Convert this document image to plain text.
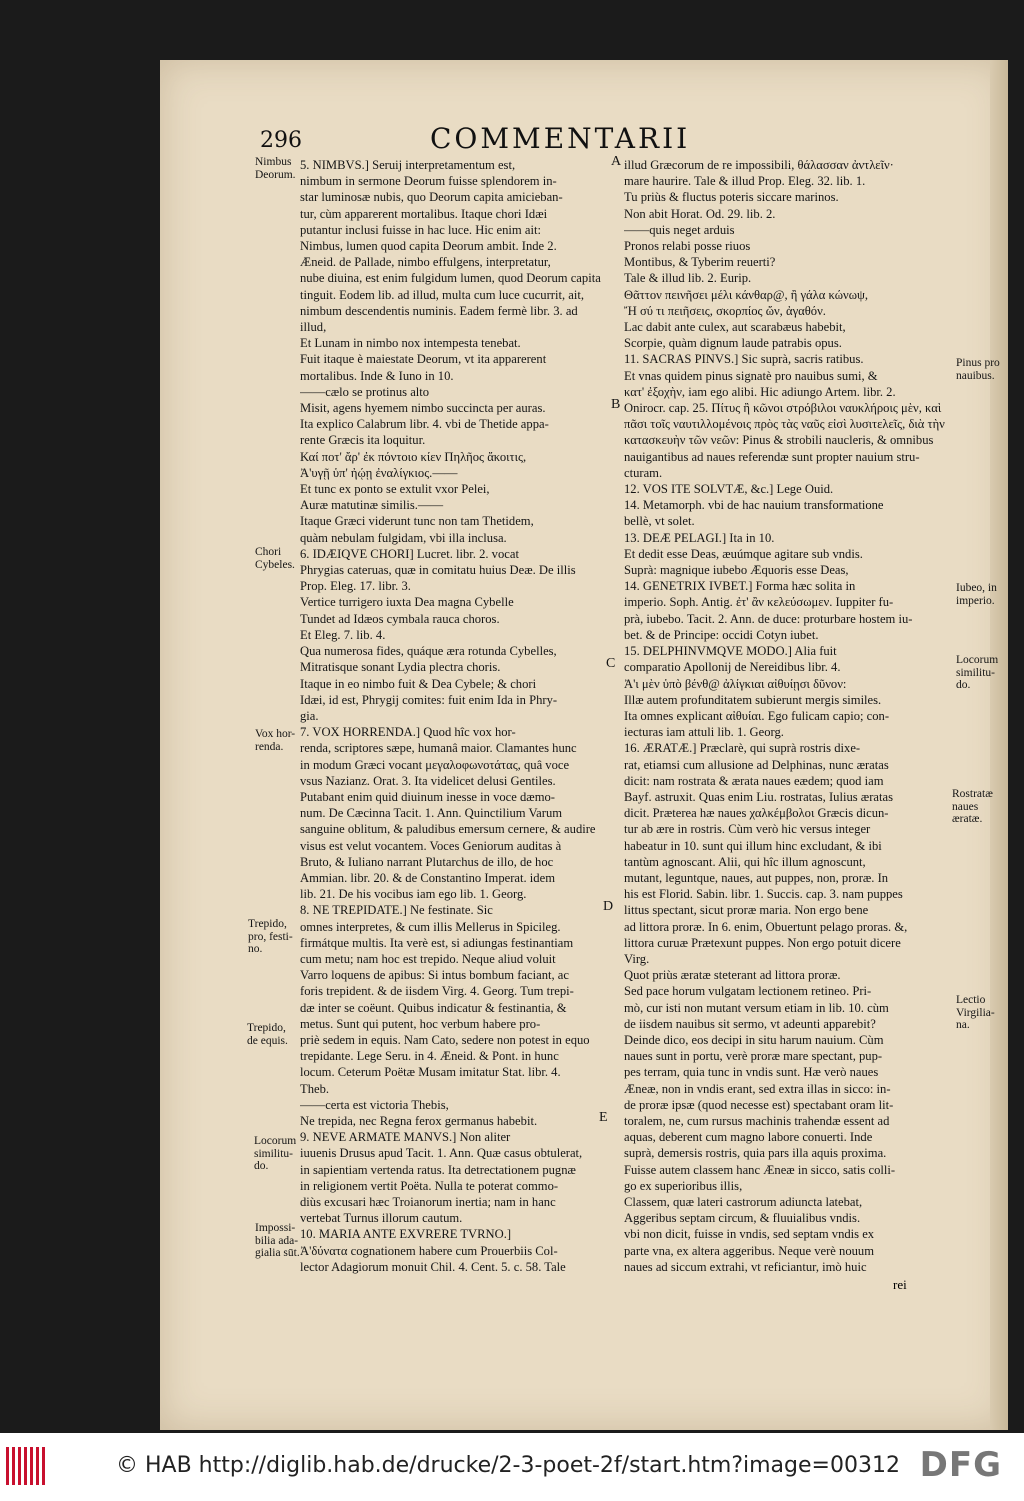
296	COMMENTARII

5. NIMBVS.] Seruij interpretamentum est,

nimbum in sermone Deorum fuisse splendorem in-

star luminosæ nubis, quo Deorum capita amicieban-

tur, cùm apparerent mortalibus. Itaque chori Idæi

putantur inclusi fuisse in hac luce. Hic enim ait:

Nimbus, lumen quod capita Deorum ambit. Inde 2.

Æneid. de Pallade, nimbo effulgens, interpretatur,

nube diuina, est enim fulgidum lumen, quod Deorum capita

tinguit. Eodem lib. ad illud, multa cum luce cucurrit, ait,

nimbum descendentis numinis. Eadem fermè libr. 3. ad

illud,

Et Lunam in nimbo nox intempesta tenebat.

Fuit itaque è maiestate Deorum, vt ita apparerent

mortalibus. Inde & Iuno in 10.

——cælo se protinus alto

Misit, agens hyemem nimbo succincta per auras.

Ita explico Calabrum libr. 4. vbi de Thetide appa-

rente Græcis ita loquitur.

Καί ποτ' ἄρ' ἐκ πόντοιο κίεν Πηλῆος ἄκοιτις,

Ἀ'υγῇ ὑπ' ἠῴῃ ἐναλίγκιος.——

Et tunc ex ponto se extulit vxor Pelei,

Auræ matutinæ similis.——

Itaque Græci viderunt tunc non tam Thetidem,

quàm nebulam fulgidam, vbi illa inclusa.

6. IDÆIQVE CHORI] Lucret. libr. 2. vocat

Phrygias cateruas, quæ in comitatu huius Deæ. De illis

Prop. Eleg. 17. libr. 3.

Vertice turrigero iuxta Dea magna Cybelle

Tundet ad Idæos cymbala rauca choros.

Et Eleg. 7. lib. 4.

Qua numerosa fides, quáque æra rotunda Cybelles,

Mitratisque sonant Lydia plectra choris.

Itaque in eo nimbo fuit & Dea Cybele; & chori

Idæi, id est, Phrygij comites: fuit enim Ida in Phry-

gia.

7. VOX HORRENDA.] Quod hîc vox hor-

renda, scriptores sæpe, humanâ maior. Clamantes hunc

in modum Græci vocant μεγαλοφωνοτάτας, quâ voce

vsus Nazianz. Orat. 3. Ita videlicet delusi Gentiles.

Putabant enim quid diuinum inesse in voce dæmo-

num. De Cæcinna Tacit. 1. Ann. Quinctilium Varum

sanguine oblitum, & paludibus emersum cernere, & audire

visus est velut vocantem. Voces Geniorum auditas à

Bruto, & Iuliano narrant Plutarchus de illo, de hoc

Ammian. libr. 20. & de Constantino Imperat. idem

lib. 21. De his vocibus iam ego lib. 1. Georg.

8. NE TREPIDATE.] Ne festinate. Sic

omnes interpretes, & cum illis Mellerus in Spicileg.

firmátque multis. Ita verè est, si adiungas festinantiam

cum metu; nam hoc est trepido. Neque aliud voluit

Varro loquens de apibus: Si intus bombum faciant, ac

foris trepident. & de iisdem Virg. 4. Georg. Tum trepi-

dæ inter se coëunt. Quibus indicatur & festinantia, &

metus. Sunt qui putent, hoc verbum habere pro-

priè sedem in equis. Nam Cato, sedere non potest in equo

trepidante. Lege Seru. in 4. Æneid. & Pont. in hunc

locum. Ceterum Poëtæ Musam imitatur Stat. libr. 4.

Theb.

——certa est victoria Thebis,

Ne trepida, nec Regna ferox germanus habebit.

9. NEVE ARMATE MANVS.] Non aliter

iuuenis Drusus apud Tacit. 1. Ann. Quæ casus obtulerat,

in sapientiam vertenda ratus. Ita detrectationem pugnæ

in religionem vertit Poëta. Nulla te poterat commo-

diùs excusari hæc Troianorum inertia; nam in hanc

vertebat Turnus illorum cautum.

10. MARIA ANTE EXVRERE TVRNO.]

Ἀ'δύνατα cognationem habere cum Prouerbiis Col-

lector Adagiorum monuit Chil. 4. Cent. 5. c. 58. Tale

illud Græcorum de re impossibili, θάλασσαν ἀντλεῖν·

mare haurire. Tale & illud Prop. Eleg. 32. lib. 1.

Tu priùs & fluctus poteris siccare marinos.

Non abit Horat. Od. 29. lib. 2.

——quis neget arduis

Pronos relabi posse riuos

Montibus, & Tyberim reuerti?

Tale & illud lib. 2. Eurip.

Θᾶττον πεινῆσει μέλι κάνθαρ@, ἢ γάλα κώνωψ,

Ἤ σύ τι πειῆσεις, σκορπίος ὤν, ἀγαθόν.

Lac dabit ante culex, aut scarabæus habebit,

Scorpie, quàm dignum laude patrabis opus.

11. SACRAS PINVS.] Sic suprà, sacris ratibus.

Et vnas quidem pinus signatè pro nauibus sumi, &

κατ' ἐξοχὴν, iam ego alibi. Hic adiungo Artem. libr. 2.

Onirocr. cap. 25. Πίτυς ἢ κῶνοι στρόβιλοι ναυκλήροις μὲν, καὶ

πᾶσι τοῖς ναυτιλλομένοις πρὸς τὰς ναῦς εἰσὶ λυσιτελεῖς, διὰ τὴν

κατασκευὴν τῶν νεῶν: Pinus & strobili naucleris, & omnibus

nauigantibus ad naues referendæ sunt propter nauium stru-

cturam.

12. VOS ITE SOLVTÆ, &c.] Lege Ouid.

14. Metamorph. vbi de hac nauium transformatione

bellè, vt solet.

13. DEÆ PELAGI.] Ita in 10.

Et dedit esse Deas, æuúmque agitare sub vndis.

Suprà: magnique iubebo Æquoris esse Deas,

14. GENETRIX IVBET.] Forma hæc solita in

imperio. Soph. Antig. ἐτ' ἂν κελεύσωμεν. Iuppiter fu-

prà, iubebo. Tacit. 2. Ann. de duce: proturbare hostem iu-

bet. & de Principe: occidi Cotyn iubet.

15. DELPHINVMQVE MODO.] Alia fuit

comparatio Apollonij de Nereidibus libr. 4.

Ἀ'ι μὲν ὑπὸ βένθ@ ἀλίγκιαι αἰθυίῃσι δῦνον:

Illæ autem profunditatem subierunt mergis similes.

Ita omnes explicant αἰθυίαι. Ego fulicam capio; con-

iecturas iam attuli lib. 1. Georg.

16. ÆRATÆ.] Præclarè, qui suprà rostris dixe-

rat, etiamsi cum allusione ad Delphinas, nunc æratas

dicit: nam rostrata & ærata naues eædem; quod iam

Bayf. astruxit. Quas enim Liu. rostratas, Iulius æratas

dicit. Præterea hæ naues χαλκέμβολοι Græcis dicun-

tur ab ære in rostris. Cùm verò hic versus integer

habeatur in 10. sunt qui illum hinc excludant, & ibi

tantùm agnoscant. Alii, qui hîc illum agnoscunt,

mutant, leguntque, naues, aut puppes, non, proræ. In

his est Florid. Sabin. libr. 1. Succis. cap. 3. nam puppes

littus spectant, sicut proræ maria. Non ergo bene

ad littora proræ. In 6. enim, Obuertunt pelago proras. &,

littora curuæ Prætexunt puppes. Non ergo potuit dicere

Virg.

Quot priùs æratæ steterant ad littora proræ.

Sed pace horum vulgatam lectionem retineo. Pri-

mò, cur isti non mutant versum etiam in lib. 10. cùm

de iisdem nauibus sit sermo, vt adeunti apparebit?

Deinde dico, eos decipi in situ harum nauium. Cùm

naues sunt in portu, verè proræ mare spectant, pup-

pes terram, quia tunc in vndis sunt. Hæ verò naues

Æneæ, non in vndis erant, sed extra illas in sicco: in-

de proræ ipsæ (quod necesse est) spectabant oram lit-

toralem, ne, cum rursus machinis trahendæ essent ad

aquas, deberent cum magno labore conuerti. Inde

suprà, demersis rostris, quia pars illa aquis proxima.

Fuisse autem classem hanc Æneæ in sicco, satis colli-

go ex superioribus illis,

Classem, quæ lateri castrorum adiuncta latebat,

Aggeribus septam circum, & fluuialibus vndis.

vbi non dicit, fuisse in vndis, sed septam vndis ex

parte vna, ex altera aggeribus. Neque verè nouum

naues ad siccum extrahi, vt reficiantur, imò huic

Nimbus Deorum.
Chori Cybeles.
Vox hor-renda.
Trepido, pro, festi-no.
Trepido, de equis.
Locorum similitu-do.
Impossi-bilia ada-gialia sūt.
Pinus pro nauibus.
Iubeo, in imperio.
Locorum similitu-do.
Rostratæ naues æratæ.
Lectio Virgilia-na.
A
B
C
D
E
rei
© HAB http://diglib.hab.de/drucke/2-3-poet-2f/start.htm?image=00312 DFG
